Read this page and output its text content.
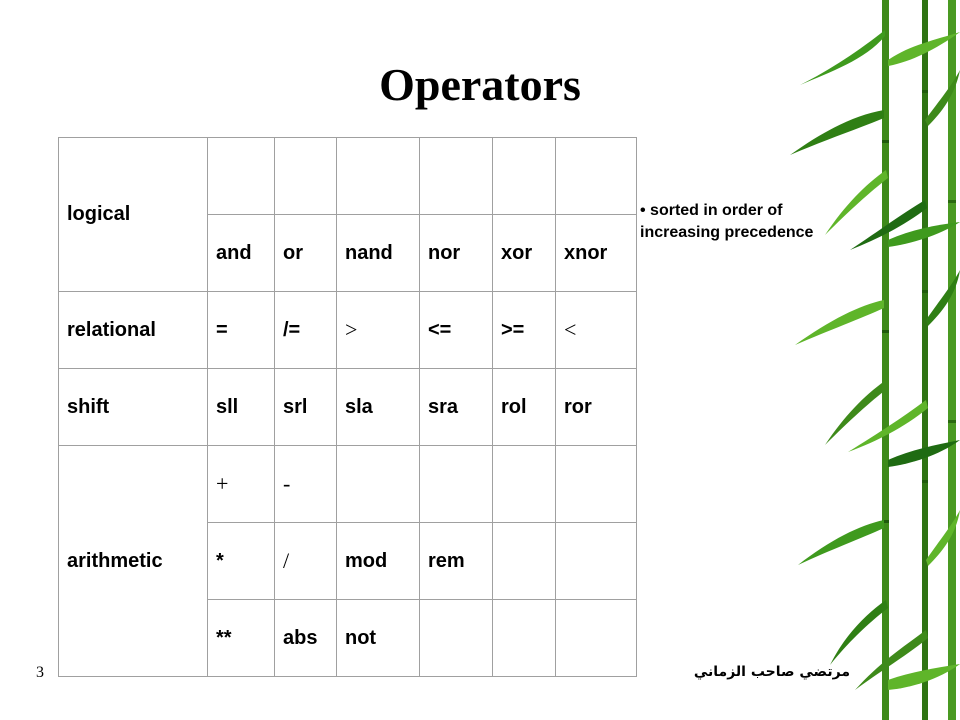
Operators
logical						
	and	or	nand	nor	xor	xnor
relational	=	/=	>	<=	>=	<
shift	sll	srl	sla	sra	rol	ror
arithmetic	+	-				
	*	/	mod	rem		
	**	abs	not			
• sorted in order of increasing precedence
3	مرتضي صاحب الزماني
